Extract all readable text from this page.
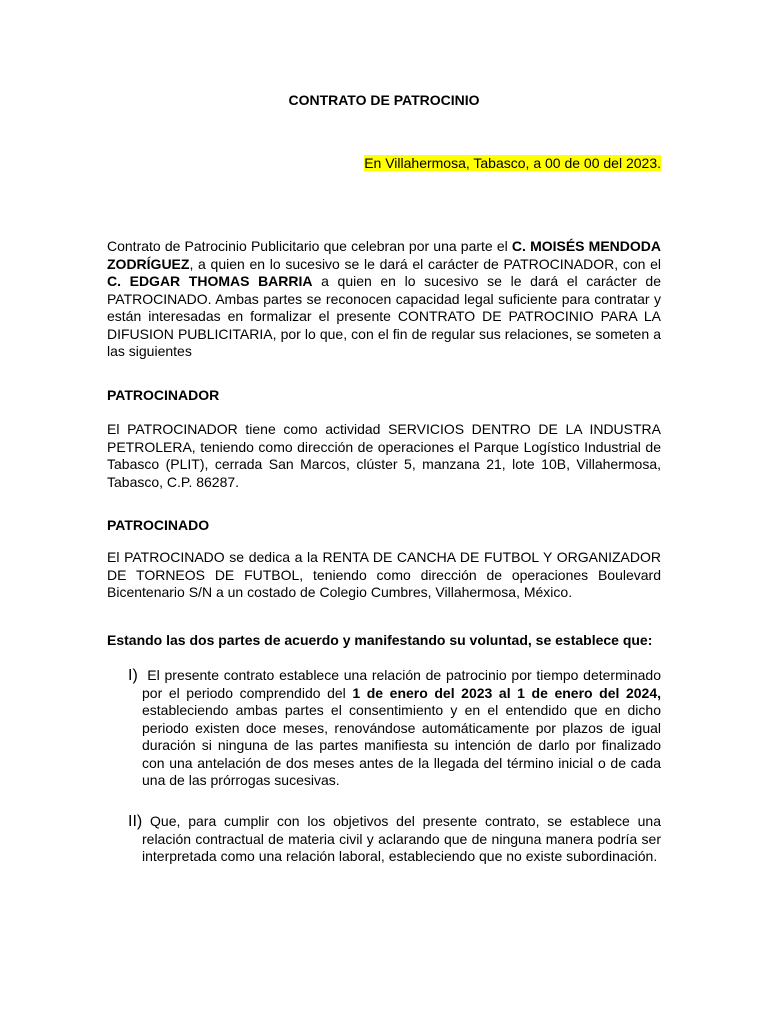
CONTRATO DE PATROCINIO
En Villahermosa, Tabasco, a 00 de 00 del 2023.
Contrato de Patrocinio Publicitario que celebran por una parte el C. MOISÉS MENDODA ZODRÍGUEZ, a quien en lo sucesivo se le dará el carácter de PATROCINADOR, con el C. EDGAR THOMAS BARRIA a quien en lo sucesivo se le dará el carácter de PATROCINADO. Ambas partes se reconocen capacidad legal suficiente para contratar y están interesadas en formalizar el presente CONTRATO DE PATROCINIO PARA LA DIFUSION PUBLICITARIA, por lo que, con el fin de regular sus relaciones, se someten a las siguientes
PATROCINADOR
El PATROCINADOR tiene como actividad SERVICIOS DENTRO DE LA INDUSTRA PETROLERA, teniendo como dirección de operaciones el Parque Logístico Industrial de Tabasco (PLIT), cerrada San Marcos, clúster 5, manzana 21, lote 10B, Villahermosa, Tabasco, C.P. 86287.
PATROCINADO
El PATROCINADO se dedica a la RENTA DE CANCHA DE FUTBOL Y ORGANIZADOR DE TORNEOS DE FUTBOL, teniendo como dirección de operaciones Boulevard Bicentenario S/N a un costado de Colegio Cumbres, Villahermosa, México.
Estando las dos partes de acuerdo y manifestando su voluntad, se establece que:
I) El presente contrato establece una relación de patrocinio por tiempo determinado por el periodo comprendido del 1 de enero del 2023 al 1 de enero del 2024, estableciendo ambas partes el consentimiento y en el entendido que en dicho periodo existen doce meses, renovándose automáticamente por plazos de igual duración si ninguna de las partes manifiesta su intención de darlo por finalizado con una antelación de dos meses antes de la llegada del término inicial o de cada una de las prórrogas sucesivas.
II) Que, para cumplir con los objetivos del presente contrato, se establece una relación contractual de materia civil y aclarando que de ninguna manera podría ser interpretada como una relación laboral, estableciendo que no existe subordinación.
